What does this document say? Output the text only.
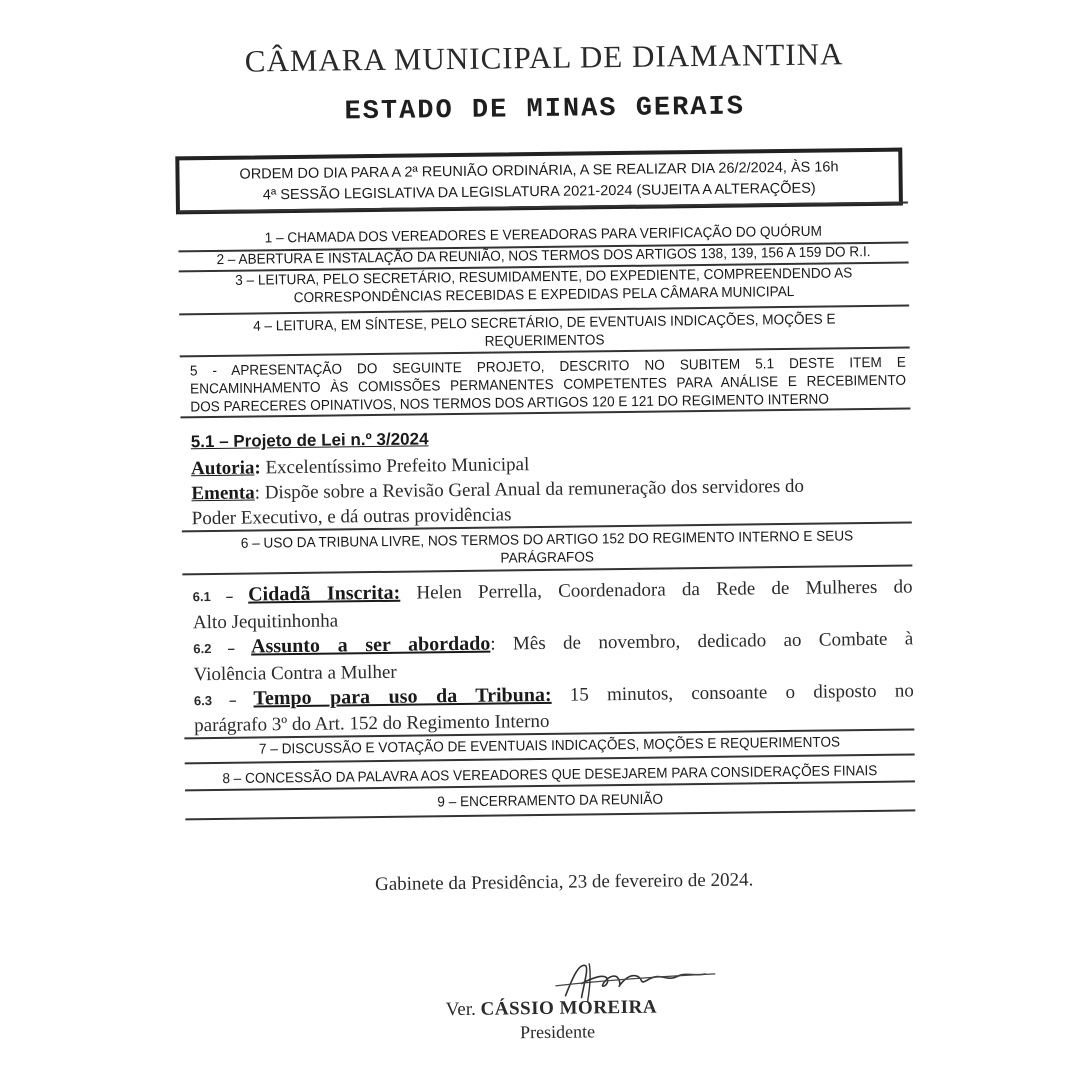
CÂMARA MUNICIPAL DE DIAMANTINA
ESTADO DE MINAS GERAIS
ORDEM DO DIA PARA A 2ª REUNIÃO ORDINÁRIA, A SE REALIZAR DIA 26/2/2024, ÀS 16h
4ª SESSÃO LEGISLATIVA DA LEGISLATURA 2021-2024 (SUJEITA A ALTERAÇÕES)
1 – CHAMADA DOS VEREADORES E VEREADORAS PARA VERIFICAÇÃO DO QUÓRUM
2 – ABERTURA E INSTALAÇÃO DA REUNIÃO, NOS TERMOS DOS ARTIGOS 138, 139, 156 A 159 DO R.I.
3 – LEITURA, PELO SECRETÁRIO, RESUMIDAMENTE, DO EXPEDIENTE, COMPREENDENDO AS
CORRESPONDÊNCIAS RECEBIDAS E EXPEDIDAS PELA CÂMARA MUNICIPAL
4 – LEITURA, EM SÍNTESE, PELO SECRETÁRIO, DE EVENTUAIS INDICAÇÕES, MOÇÕES E
REQUERIMENTOS
5 - APRESENTAÇÃO DO SEGUINTE PROJETO, DESCRITO NO SUBITEM 5.1 DESTE ITEM E
ENCAMINHAMENTO ÀS COMISSÕES PERMANENTES COMPETENTES PARA ANÁLISE E RECEBIMENTO
DOS PARECERES OPINATIVOS, NOS TERMOS DOS ARTIGOS 120 E 121 DO REGIMENTO INTERNO
5.1 – Projeto de Lei n.º 3/2024
Autoria: Excelentíssimo Prefeito Municipal
Ementa: Dispõe sobre a Revisão Geral Anual da remuneração dos servidores do
Poder Executivo, e dá outras providências
6 – USO DA TRIBUNA LIVRE, NOS TERMOS DO ARTIGO 152 DO REGIMENTO INTERNO E SEUS
PARÁGRAFOS
6.1 – Cidadã Inscrita: Helen Perrella, Coordenadora da Rede de Mulheres do
Alto Jequitinhonha
6.2 – Assunto a ser abordado: Mês de novembro, dedicado ao Combate à
Violência Contra a Mulher
6.3 – Tempo para uso da Tribuna: 15 minutos, consoante o disposto no
parágrafo 3º do Art. 152 do Regimento Interno
7 – DISCUSSÃO E VOTAÇÃO DE EVENTUAIS INDICAÇÕES, MOÇÕES E REQUERIMENTOS
8 – CONCESSÃO DA PALAVRA AOS VEREADORES QUE DESEJAREM PARA CONSIDERAÇÕES FINAIS
9 – ENCERRAMENTO DA REUNIÃO
Gabinete da Presidência, 23 de fevereiro de 2024.
Ver. CÁSSIO MOREIRA
Presidente
